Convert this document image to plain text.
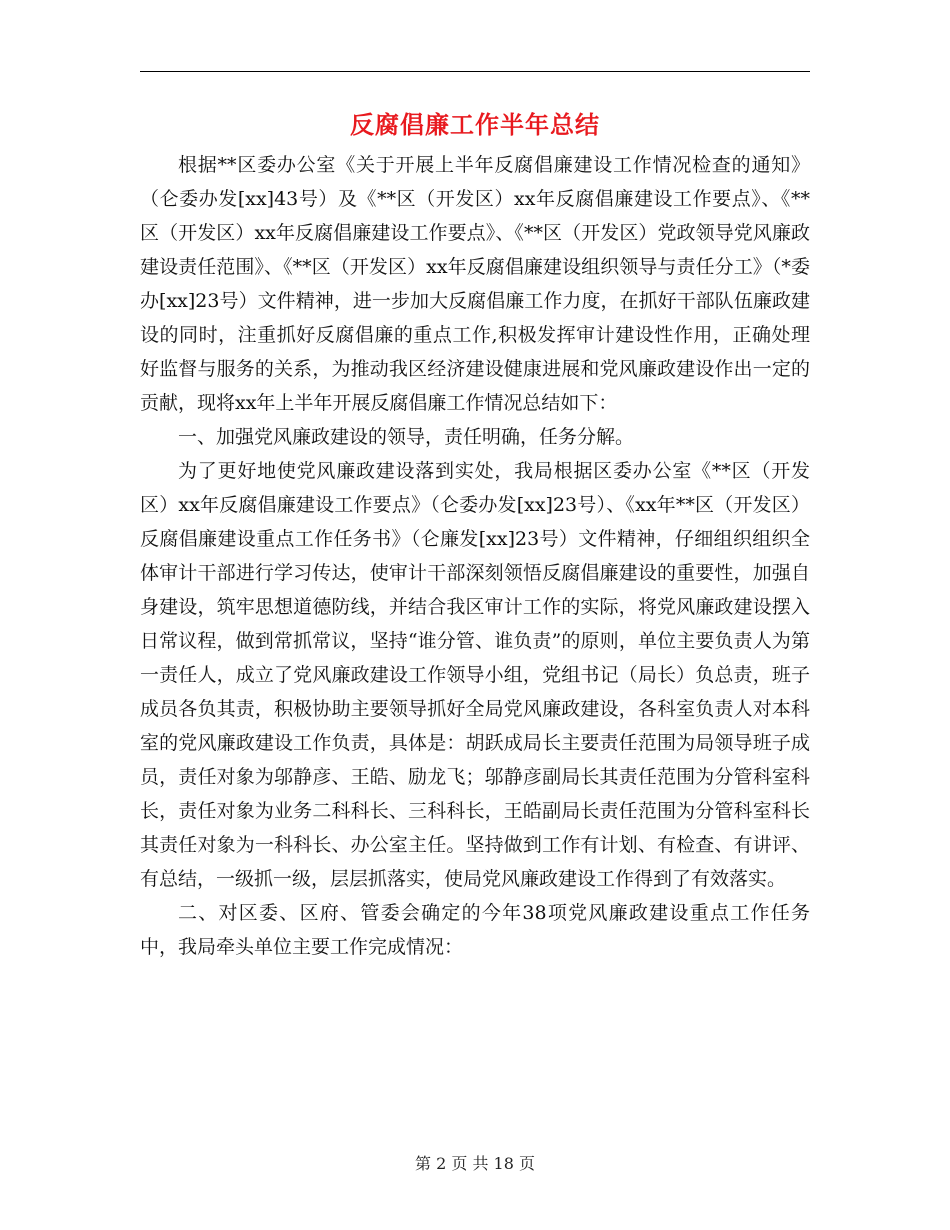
反腐倡廉工作半年总结

根据**区委办公室《关于开展上半年反腐倡廉建设工作情况检查的通知》（仑委办发[xx]43号）及《**区（开发区）xx年反腐倡廉建设工作要点》、《**区（开发区）xx年反腐倡廉建设工作要点》、《**区（开发区）党政领导党风廉政建设责任范围》、《**区（开发区）xx年反腐倡廉建设组织领导与责任分工》（*委办[xx]23号）文件精神，进一步加大反腐倡廉工作力度，在抓好干部队伍廉政建设的同时，注重抓好反腐倡廉的重点工作,积极发挥审计建设性作用，正确处理好监督与服务的关系，为推动我区经济建设健康进展和党风廉政建设作出一定的贡献，现将xx年上半年开展反腐倡廉工作情况总结如下：

一、加强党风廉政建设的领导，责任明确，任务分解。

为了更好地使党风廉政建设落到实处，我局根据区委办公室《**区（开发区）xx年反腐倡廉建设工作要点》（仑委办发[xx]23号）、《xx年**区（开发区）反腐倡廉建设重点工作任务书》（仑廉发[xx]23号）文件精神，仔细组织组织全体审计干部进行学习传达，使审计干部深刻领悟反腐倡廉建设的重要性，加强自身建设，筑牢思想道德防线，并结合我区审计工作的实际，将党风廉政建设摆入日常议程，做到常抓常议，坚持“谁分管、谁负责”的原则，单位主要负责人为第一责任人，成立了党风廉政建设工作领导小组，党组书记（局长）负总责，班子成员各负其责，积极协助主要领导抓好全局党风廉政建设，各科室负责人对本科室的党风廉政建设工作负责，具体是：胡跃成局长主要责任范围为局领导班子成员，责任对象为邬静彦、王皓、励龙飞；邬静彦副局长其责任范围为分管科室科长，责任对象为业务二科科长、三科科长，王皓副局长责任范围为分管科室科长其责任对象为一科科长、办公室主任。坚持做到工作有计划、有检查、有讲评、有总结，一级抓一级，层层抓落实，使局党风廉政建设工作得到了有效落实。

二、对区委、区府、管委会确定的今年38项党风廉政建设重点工作任务中，我局牵头单位主要工作完成情况：

第 2 页 共 18 页
